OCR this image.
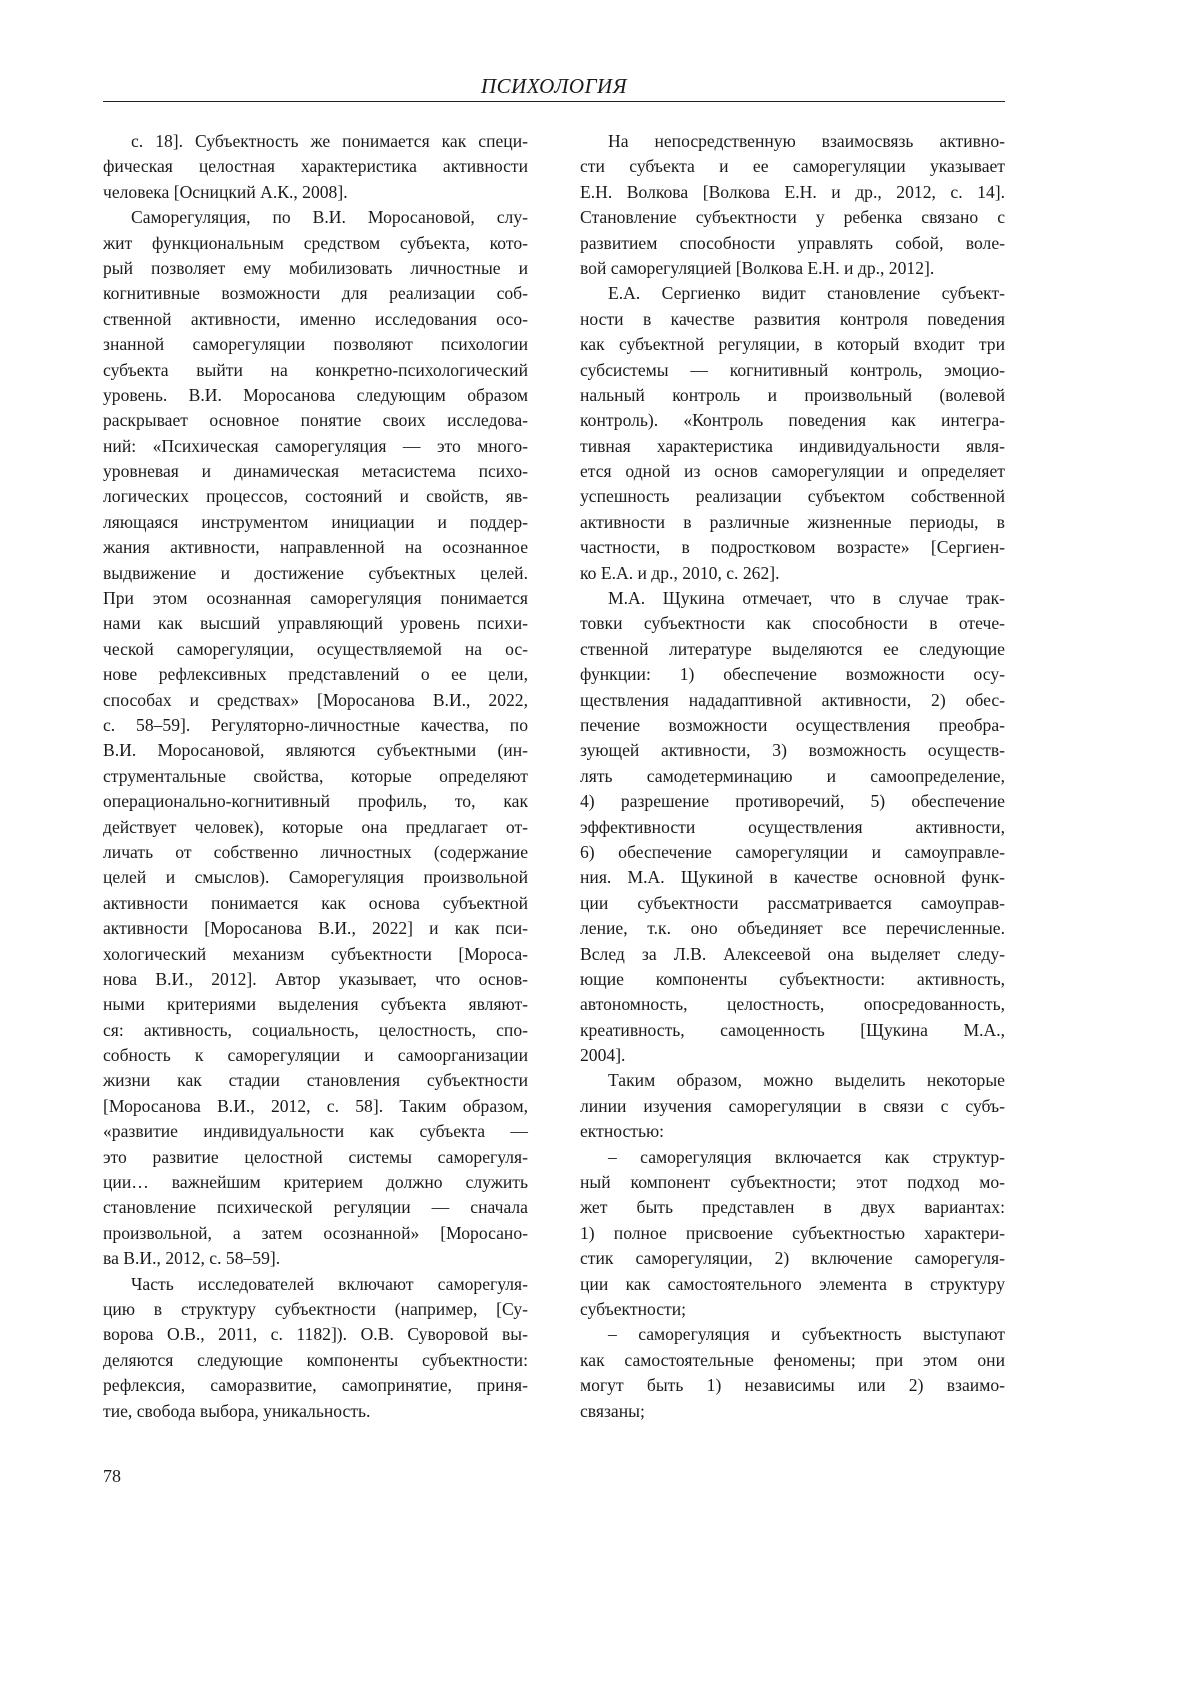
ПСИХОЛОГИЯ
с. 18]. Субъектность же понимается как специ-
фическая целостная характеристика активности
человека [Осницкий А.К., 2008].
Саморегуляция, по В.И. Моросановой, слу-
жит функциональным средством субъекта, кото-
рый позволяет ему мобилизовать личностные и
когнитивные возможности для реализации соб-
ственной активности, именно исследования осо-
знанной саморегуляции позволяют психологии
субъекта выйти на конкретно-психологический
уровень. В.И. Моросанова следующим образом
раскрывает основное понятие своих исследова-
ний: «Психическая саморегуляция — это много-
уровневая и динамическая метасистема психо-
логических процессов, состояний и свойств, яв-
ляющаяся инструментом инициации и поддер-
жания активности, направленной на осознанное
выдвижение и достижение субъектных целей.
При этом осознанная саморегуляция понимается
нами как высший управляющий уровень психи-
ческой саморегуляции, осуществляемой на ос-
нове рефлексивных представлений о ее цели,
способах и средствах» [Моросанова В.И., 2022,
с. 58–59]. Регуляторно-личностные качества, по
В.И. Моросановой, являются субъектными (ин-
струментальные свойства, которые определяют
операционально-когнитивный профиль, то, как
действует человек), которые она предлагает от-
личать от собственно личностных (содержание
целей и смыслов). Саморегуляция произвольной
активности понимается как основа субъектной
активности [Моросанова В.И., 2022] и как пси-
хологический механизм субъектности [Мороса-
нова В.И., 2012]. Автор указывает, что основ-
ными критериями выделения субъекта являют-
ся: активность, социальность, целостность, спо-
собность к саморегуляции и самоорганизации
жизни как стадии становления субъектности
[Моросанова В.И., 2012, с. 58]. Таким образом,
«развитие индивидуальности как субъекта —
это развитие целостной системы саморегуля-
ции… важнейшим критерием должно служить
становление психической регуляции — сначала
произвольной, а затем осознанной» [Моросано-
ва В.И., 2012, с. 58–59].
Часть исследователей включают саморегуля-
цию в структуру субъектности (например, [Су-
ворова О.В., 2011, с. 1182]). О.В. Суворовой вы-
деляются следующие компоненты субъектности:
рефлексия, саморазвитие, самопринятие, приня-
тие, свобода выбора, уникальность.
На непосредственную взаимосвязь активно-
сти субъекта и ее саморегуляции указывает
Е.Н. Волкова [Волкова Е.Н. и др., 2012, с. 14].
Становление субъектности у ребенка связано с
развитием способности управлять собой, воле-
вой саморегуляцией [Волкова Е.Н. и др., 2012].
Е.А. Сергиенко видит становление субъект-
ности в качестве развития контроля поведения
как субъектной регуляции, в который входит три
субсистемы — когнитивный контроль, эмоцио-
нальный контроль и произвольный (волевой
контроль). «Контроль поведения как интегра-
тивная характеристика индивидуальности явля-
ется одной из основ саморегуляции и определяет
успешность реализации субъектом собственной
активности в различные жизненные периоды, в
частности, в подростковом возрасте» [Сергиен-
ко Е.А. и др., 2010, с. 262].
М.А. Щукина отмечает, что в случае трак-
товки субъектности как способности в отече-
ственной литературе выделяются ее следующие
функции: 1) обеспечение возможности осу-
ществления нададаптивной активности, 2) обес-
печение возможности осуществления преобра-
зующей активности, 3) возможность осуществ-
лять самодетерминацию и самоопределение,
4) разрешение противоречий, 5) обеспечение
эффективности осуществления активности,
6) обеспечение саморегуляции и самоуправле-
ния. М.А. Щукиной в качестве основной функ-
ции субъектности рассматривается самоуправ-
ление, т.к. оно объединяет все перечисленные.
Вслед за Л.В. Алексеевой она выделяет следу-
ющие компоненты субъектности: активность,
автономность, целостность, опосредованность,
креативность, самоценность [Щукина М.А.,
2004].
Таким образом, можно выделить некоторые
линии изучения саморегуляции в связи с субъ-
ектностью:
– саморегуляция включается как структур-
ный компонент субъектности; этот подход мо-
жет быть представлен в двух вариантах:
1) полное присвоение субъектностью характери-
стик саморегуляции, 2) включение саморегуля-
ции как самостоятельного элемента в структуру
субъектности;
– саморегуляция и субъектность выступают
как самостоятельные феномены; при этом они
могут быть 1) независимы или 2) взаимо-
связаны;
78
